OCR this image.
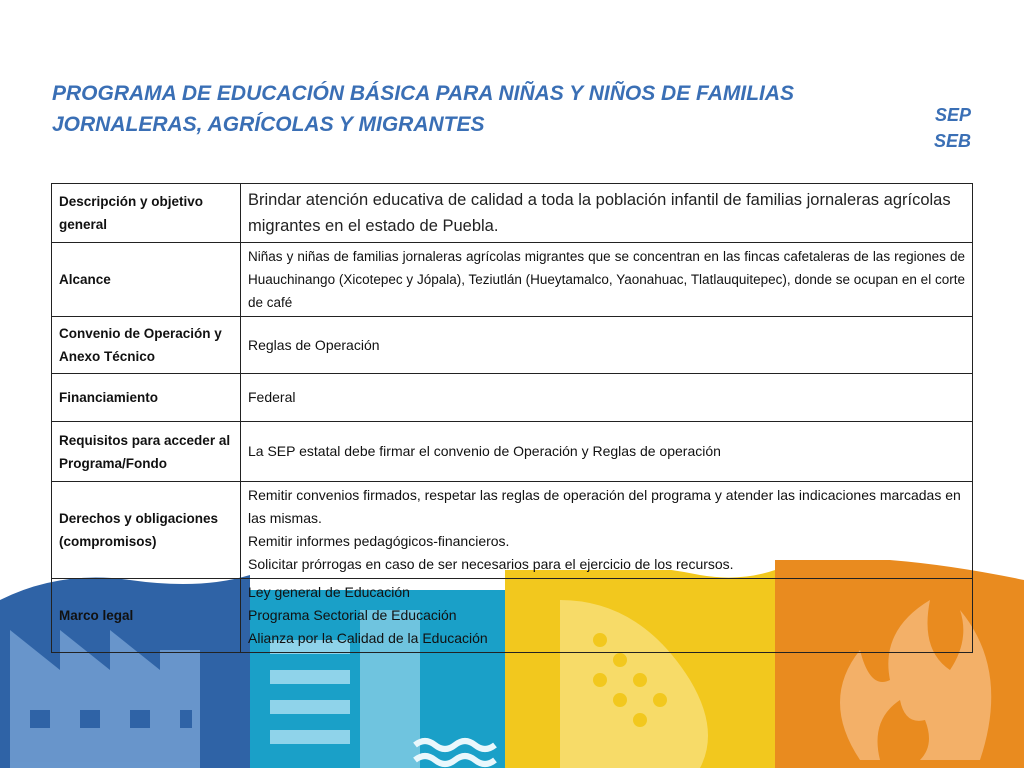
PROGRAMA DE EDUCACIÓN BÁSICA PARA NIÑAS Y NIÑOS DE FAMILIAS
JORNALERAS, AGRÍCOLAS Y MIGRANTES	SEP
SEB
Descripción y objetivo general	Brindar atención educativa de calidad a toda la población infantil de familias jornaleras agrícolas migrantes en el estado de Puebla.
Alcance	Niñas y niñas de familias jornaleras agrícolas migrantes que se concentran en las fincas cafetaleras de las regiones de Huauchinango (Xicotepec y Jópala), Teziutlán (Hueytamalco, Yaonahuac, Tlatlauquitepec), donde se ocupan en el corte de café
Convenio de Operación y Anexo Técnico	Reglas de Operación
Financiamiento	Federal
Requisitos para acceder al Programa/Fondo	La SEP estatal debe firmar el convenio de Operación y Reglas de operación
Derechos y obligaciones (compromisos)	Remitir convenios firmados, respetar las reglas de operación del programa y atender las indicaciones marcadas en las mismas.
Remitir informes pedagógicos-financieros.
Solicitar prórrogas en caso de ser necesarios para el ejercicio de los recursos.

Marco legal	Ley general de Educación
Programa Sectorial de Educación
Alianza por la Calidad de la Educación
